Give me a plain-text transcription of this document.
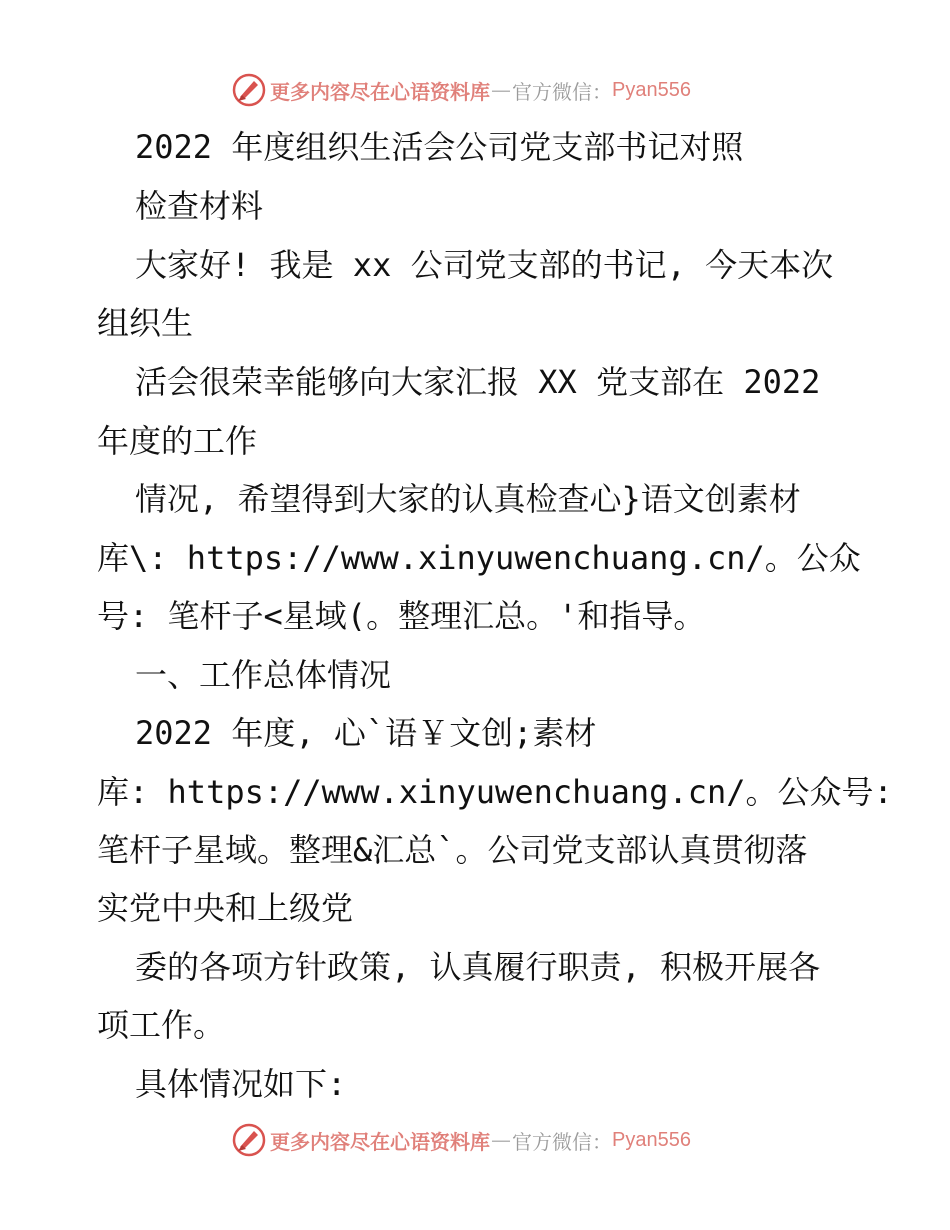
更多内容尽在心语资料库 — 官方微信： Pyan556
2022 年度组织生活会公司党支部书记对照
检查材料
大家好! 我是 xx 公司党支部的书记, 今天本次
组织生
活会很荣幸能够向大家汇报 XX 党支部在 2022
年度的工作
情况, 希望得到大家的认真检查心}语文创素材
库\: https://www.xinyuwenchuang.cn/。公众
号: 笔杆子<星域(。整理汇总。'和指导。
一、工作总体情况
2022 年度, 心`语￥文创;素材
库: https://www.xinyuwenchuang.cn/。公众号:
笔杆子星域。整理&汇总`。公司党支部认真贯彻落
实党中央和上级党
委的各项方针政策, 认真履行职责, 积极开展各
项工作。
具体情况如下:
更多内容尽在心语资料库 — 官方微信： Pyan556
